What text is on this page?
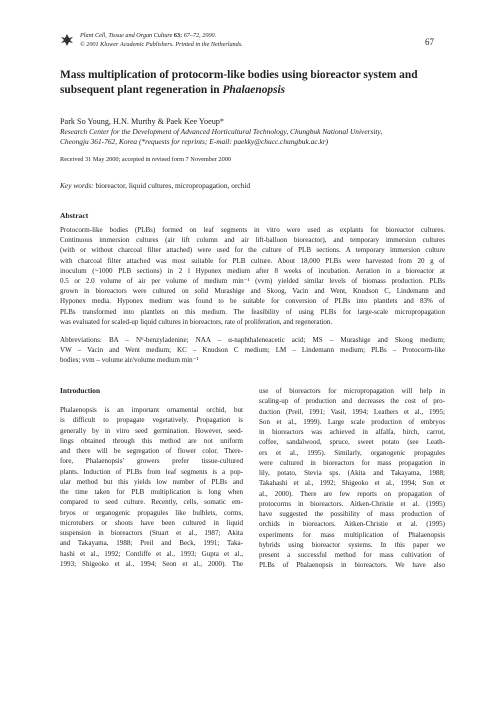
Plant Cell, Tissue and Organ Culture 63: 67–72, 2000.
© 2001 Kluwer Academic Publishers. Printed in the Netherlands.	67
Mass multiplication of protocorm-like bodies using bioreactor system and
subsequent plant regeneration in Phalaenopsis
Park So Young, H.N. Murthy & Paek Kee Yoeup*
Research Center for the Development of Advanced Horticultural Technology, Chungbuk National University,
Cheongju 361-762, Korea (*requests for reprints; E-mail: paekky@chucc.chungbuk.ac.kr)
Received 31 May 2000; accepted in revised form 7 November 2000
Key words: bioreactor, liquid cultures, micropropagation, orchid
Abstract
Protocorm-like bodies (PLBs) formed on leaf segments in vitro were used as explants for bioreactor cultures.
Continuous immersion cultures (air lift column and air lift-balloon bioreactor), and temporary immersion cultures
(with or without charcoal filter attached) were used for the culture of PLB sections. A temporary immersion culture
with charcoal filter attached was most suitable for PLB culture. About 18,000 PLBs were harvested from 20 g of
inoculum (~1000 PLB sections) in 2 l Hyponex medium after 8 weeks of incubation. Aeration in a bioreactor at
0.5 or 2.0 volume of air per volume of medium min⁻¹ (vvm) yielded similar levels of biomass production. PLBs
grown in bioreactors were cultured on solid Murashige and Skoog, Vacin and Went, Knudson C, Lindemann and
Hyponex media. Hyponex medium was found to be suitable for conversion of PLBs into plantlets and 83% of
PLBs transformed into plantlets on this medium. The feasibility of using PLBs for large-scale micropropagation
was evaluated for scaled-up liquid cultures in bioreactors, rate of proliferation, and regeneration.
Abbreviations: BA – N⁶-benzyladenine; NAA – α-naphthaleneacetic acid; MS – Murashige and Skoog medium;
VW – Vacin and Went medium; KC – Knudson C medium; LM – Lindemann medium; PLBs – Protocorm-like
bodies; vvm – volume air/volume medium min⁻¹
Introduction
Phalaenopsis is an important ornamental orchid, but
is difficult to propagate vegetatively. Propagation is
generally by in vitro seed germination. However, seed-
lings obtained through this method are not uniform
and there will be segregation of flower color. There-
fore, Phalaenopsis’ growers prefer tissue-cultured
plants. Induction of PLBs from leaf segments is a pop-
ular method but this yields low number of PLBs and
the time taken for PLB multiplication is long when
compared to seed culture. Recently, cells, somatic em-
bryos or organogenic propagules like bulblets, corms,
microtubers or shoots have been cultured in liquid
suspension in bioreactors (Stuart et al., 1987; Akita
and Takayama, 1988; Preil and Beck, 1991; Taka-
hashi et al., 1992; Contliffe et al., 1993; Gupta et al.,
1993; Shigeoko et al., 1994; Seon et al., 2000). The
use of bioreactors for micropropagation will help in
scaling-up of production and decreases the cost of pro-
duction (Preil, 1991; Vasil, 1994; Leathers et al., 1995;
Son et al., 1999). Large scale production of embryos
in bioreactors was achieved in alfalfa, birch, carrot,
coffee, sandalwood, spruce, sweet potato (see Leath-
ers et al., 1995). Similarly, organogenic propagules
were cultured in bioreactors for mass propagation in
lily, potato, Stevia sps. (Akita and Takayama, 1988;
Takahashi et al., 1992; Shigeoko et al., 1994; Son et
al., 2000). There are few reports on propagation of
protocorms in bioreactors. Aitken-Christie et al. (1995)
have suggested the possibility of mass production of
orchids in bioreactors. Aitken-Christie et al. (1995)
experiments for mass multiplication of Phalaenopsis
hybrids using bioreactor systems. In this paper we
present a successful method for mass cultivation of
PLBs of Phalaenopsis in bioreactors. We have also
